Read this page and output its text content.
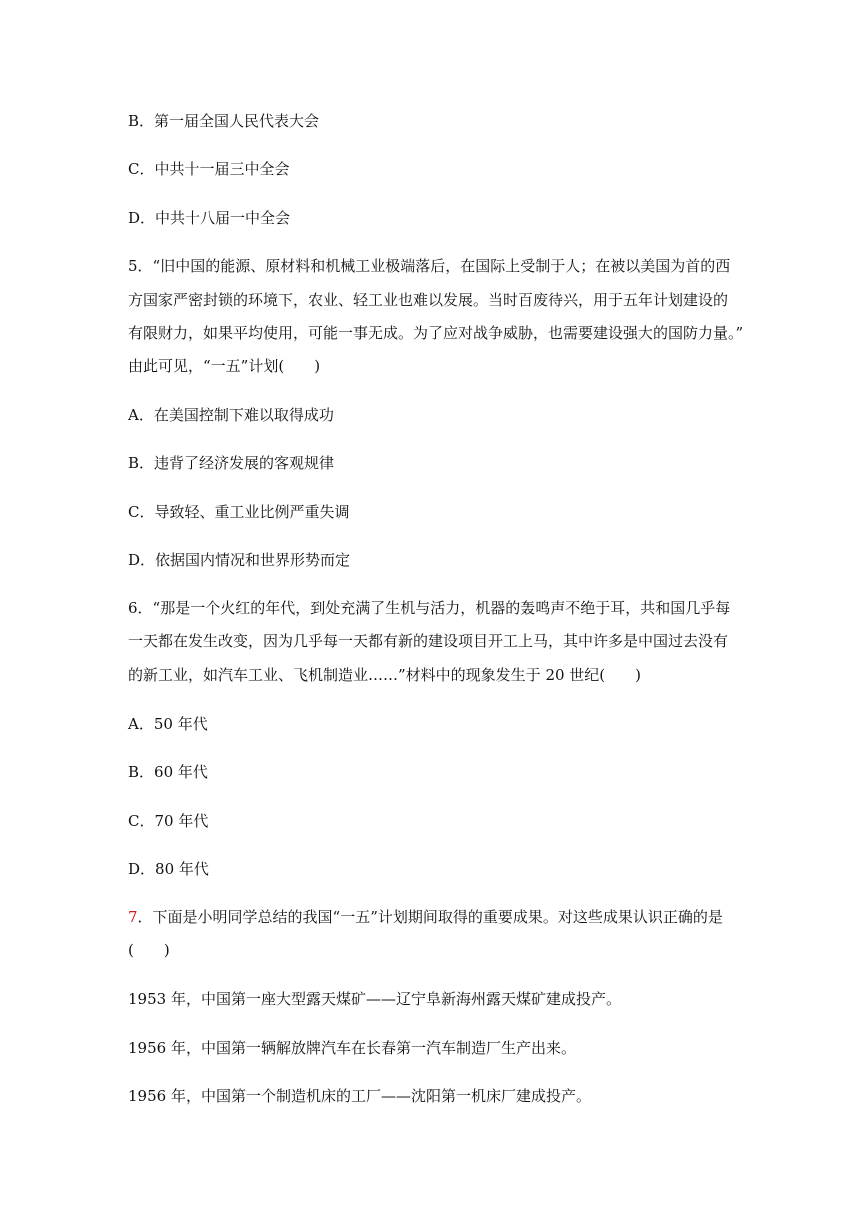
B．第一届全国人民代表大会
C．中共十一届三中全会
D．中共十八届一中全会
5．“旧中国的能源、原材料和机械工业极端落后，在国际上受制于人；在被以美国为首的西
方国家严密封锁的环境下，农业、轻工业也难以发展。当时百废待兴，用于五年计划建设的
有限财力，如果平均使用，可能一事无成。为了应对战争威胁，也需要建设强大的国防力量。”
由此可见，“一五”计划(　　)
A．在美国控制下难以取得成功
B．违背了经济发展的客观规律
C．导致轻、重工业比例严重失调
D．依据国内情况和世界形势而定
6．“那是一个火红的年代，到处充满了生机与活力，机器的轰鸣声不绝于耳，共和国几乎每
一天都在发生改变，因为几乎每一天都有新的建设项目开工上马，其中许多是中国过去没有
的新工业，如汽车工业、飞机制造业……”材料中的现象发生于 20 世纪(　　)
A．50 年代
B．60 年代
C．70 年代
D．80 年代
7．下面是小明同学总结的我国“一五”计划期间取得的重要成果。对这些成果认识正确的是
(　　)
1953 年，中国第一座大型露天煤矿——辽宁阜新海州露天煤矿建成投产。
1956 年，中国第一辆解放牌汽车在长春第一汽车制造厂生产出来。
1956 年，中国第一个制造机床的工厂——沈阳第一机床厂建成投产。
